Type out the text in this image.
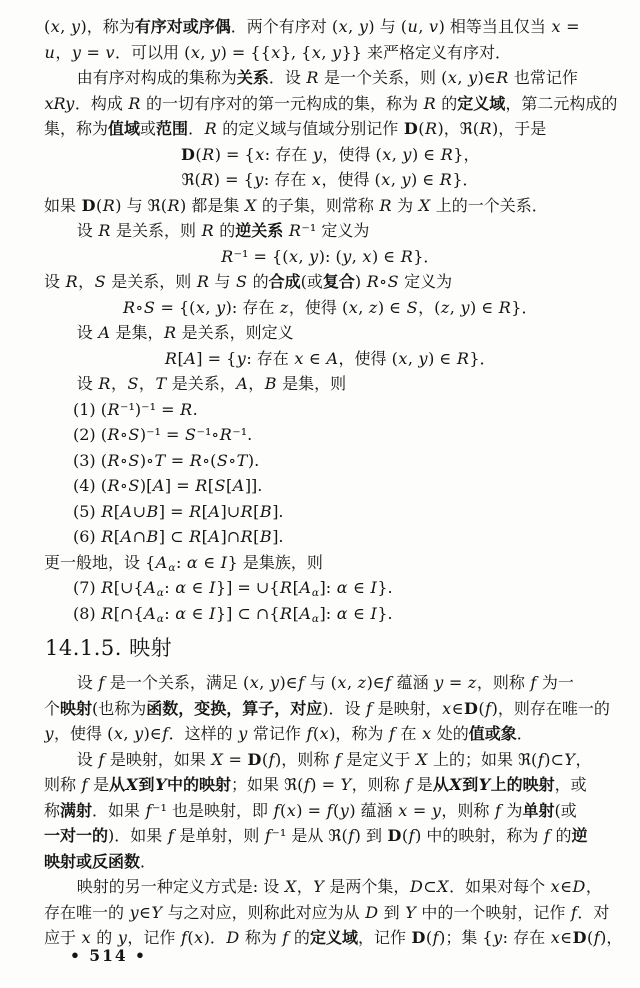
(x, y)，称为有序对或序偶．两个有序对 (x, y) 与 (u, v) 相等当且仅当 x =
u，y = v．可以用 (x, y) = {{x}, {x, y}} 来严格定义有序对．
由有序对构成的集称为关系．设 R 是一个关系，则 (x, y)∈R 也常记作
xRy．构成 R 的一切有序对的第一元构成的集，称为 R 的定义域，第二元构成的
集，称为值域或范围．R 的定义域与值域分别记作 D(R)，ℜ(R)，于是
D(R) = {x: 存在 y，使得 (x, y) ∈ R}，
ℜ(R) = {y: 存在 x，使得 (x, y) ∈ R}．
如果 D(R) 与 ℜ(R) 都是集 X 的子集，则常称 R 为 X 上的一个关系．
设 R 是关系，则 R 的逆关系 R⁻¹ 定义为
R⁻¹ = {(x, y): (y, x) ∈ R}．
设 R，S 是关系，则 R 与 S 的合成(或复合) R∘S 定义为
R∘S = {(x, y): 存在 z，使得 (x, z) ∈ S，(z, y) ∈ R}．
设 A 是集，R 是关系，则定义
R[A] = {y: 存在 x ∈ A，使得 (x, y) ∈ R}．
设 R，S，T 是关系，A，B 是集，则
(1) (R⁻¹)⁻¹ = R.
(2) (R∘S)⁻¹ = S⁻¹∘R⁻¹.
(3) (R∘S)∘T = R∘(S∘T).
(4) (R∘S)[A] = R[S[A]].
(5) R[A∪B] = R[A]∪R[B].
(6) R[A∩B] ⊂ R[A]∩R[B].
更一般地，设 {$A_\alpha$: α ∈ I} 是集族，则
(7) $R[\cup\{A_\alpha$: α ∈ $I\}] = \cup\{R[A_\alpha]$: α ∈ I}.
(8) $R[\cap\{A_\alpha$: α ∈ I}] ⊂ $\cap\{R[A_\alpha]$: α ∈ I}.
14.1.5. 映射
设 f 是一个关系，满足 (x, y)∈f 与 (x, z)∈f 蕴涵 y = z，则称 f 为一
个映射(也称为函数，变换，算子，对应)．设 f 是映射，x∈D(f)，则存在唯一的
y，使得 (x, y)∈f．这样的 y 常记作 f(x)，称为 f 在 x 处的值或象．
设 f 是映射，如果 X = D(f)，则称 f 是定义于 X 上的；如果 ℜ(f)⊂Y，
则称 f 是从X到Y中的映射；如果 ℜ(f) = Y，则称 f 是从X到Y上的映射，或
称满射．如果 f⁻¹ 也是映射，即 f(x) = f(y) 蕴涵 x = y，则称 f 为单射(或
一对一的)．如果 f 是单射，则 f⁻¹ 是从 ℜ(f) 到 D(f) 中的映射，称为 f 的逆
映射或反函数．
映射的另一种定义方式是: 设 X，Y 是两个集，D⊂X．如果对每个 x∈D，
存在唯一的 y∈Y 与之对应，则称此对应为从 D 到 Y 中的一个映射，记作 f．对
应于 x 的 y，记作 f(x)．D 称为 f 的定义域，记作 D(f)；集 {y: 存在 x∈D(f)，
• 514 •
